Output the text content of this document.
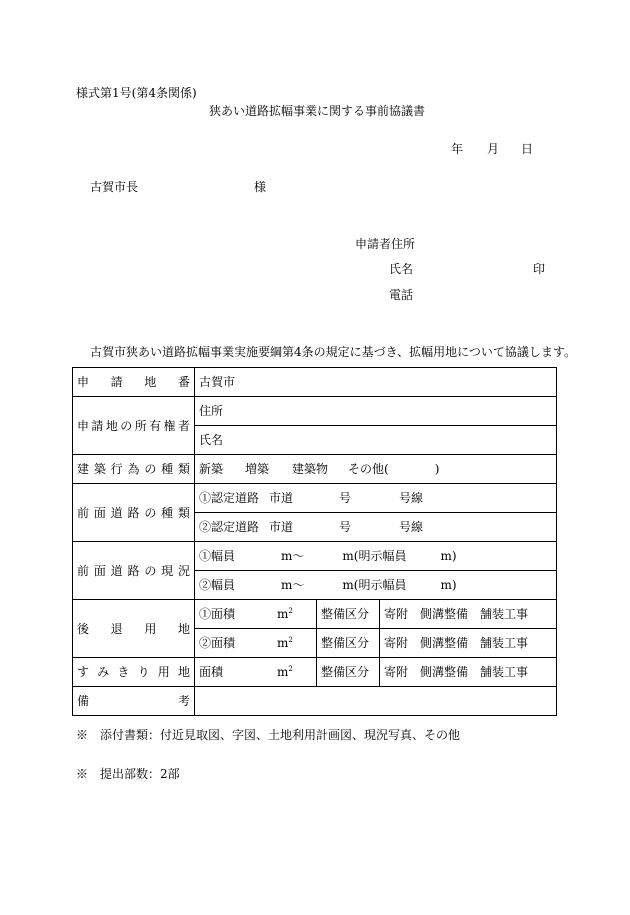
様式第1号(第4条関係)
狭あい道路拡幅事業に関する事前協議書
年 月 日
古賀市長	様
申請者住所
氏名	印
電話
古賀市狭あい道路拡幅事業実施要綱第4条の規定に基づき、拡幅用地について協議します。
申請地番	古賀市		
申請地の所有権者	住所		
	氏名		
建築行為の種類	新築 増築 建築物 その他( )		
前面道路の種類	①認定道路 市道 号 号線		
	②認定道路 市道 号 号線		
前面道路の現況	①幅員 m〜 m(明示幅員 m)		
	②幅員 m〜 m(明示幅員 m)		
後退用地	①面積 $m^2$	整備区分	寄附 側溝整備 舗装工事
	②面積 $m^2$	整備区分	寄附 側溝整備 舗装工事
すみきり用地	面積 $m^2$	整備区分	寄附 側溝整備 舗装工事
備考			
※　添付書類：付近見取図、字図、土地利用計画図、現況写真、その他
※　提出部数：2部
